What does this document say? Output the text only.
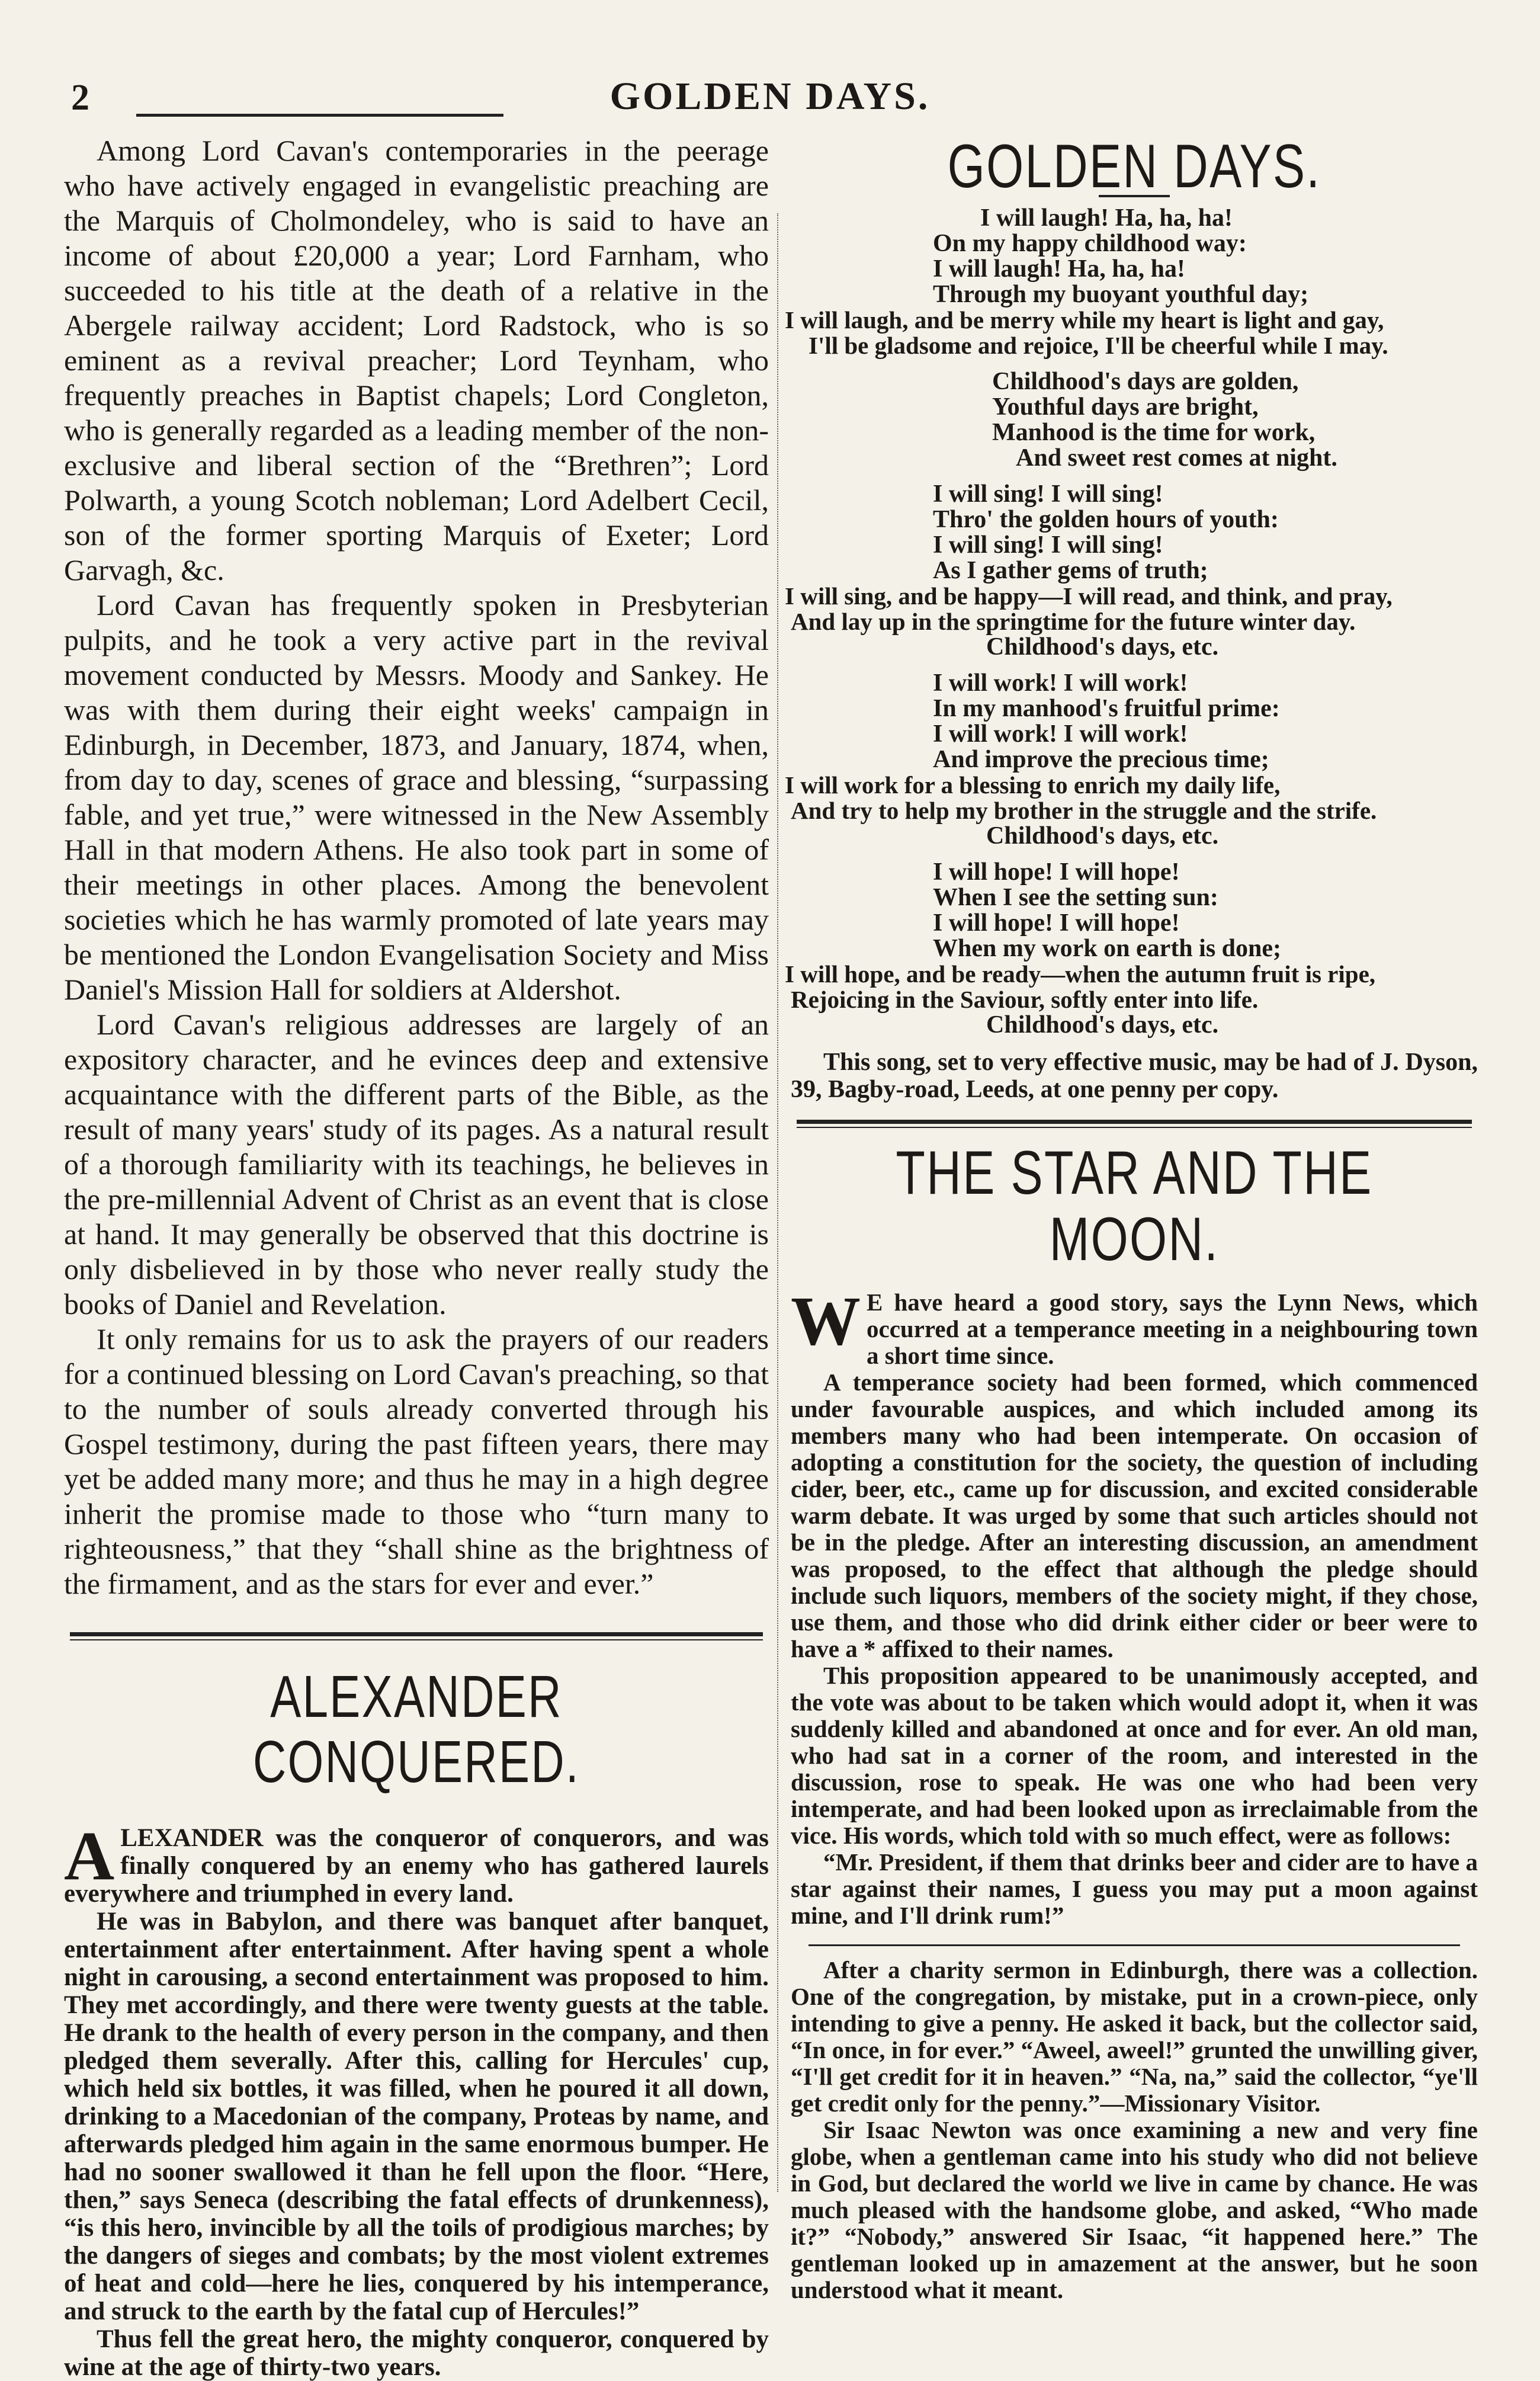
2	GOLDEN DAYS.

Among Lord Cavan's contemporaries in the peerage who have actively engaged in evangelistic preaching are the Marquis of Cholmondeley, who is said to have an income of about £20,000 a year; Lord Farnham, who succeeded to his title at the death of a relative in the Abergele railway accident; Lord Radstock, who is so eminent as a revival preacher; Lord Teynham, who frequently preaches in Baptist chapels; Lord Congleton, who is generally regarded as a leading member of the non-exclusive and liberal section of the “Brethren”; Lord Polwarth, a young Scotch nobleman; Lord Adelbert Cecil, son of the former sporting Marquis of Exeter; Lord Garvagh, &c.

Lord Cavan has frequently spoken in Presbyterian pulpits, and he took a very active part in the revival movement conducted by Messrs. Moody and Sankey. He was with them during their eight weeks' campaign in Edinburgh, in December, 1873, and January, 1874, when, from day to day, scenes of grace and blessing, “surpassing fable, and yet true,” were witnessed in the New Assembly Hall in that modern Athens. He also took part in some of their meetings in other places. Among the benevolent societies which he has warmly promoted of late years may be mentioned the London Evangelisation Society and Miss Daniel's Mission Hall for soldiers at Aldershot.

Lord Cavan's religious addresses are largely of an expository character, and he evinces deep and extensive acquaintance with the different parts of the Bible, as the result of many years' study of its pages. As a natural result of a thorough familiarity with its teachings, he believes in the pre-millennial Advent of Christ as an event that is close at hand. It may generally be observed that this doctrine is only disbelieved in by those who never really study the books of Daniel and Revelation.

It only remains for us to ask the prayers of our readers for a continued blessing on Lord Cavan's preaching, so that to the number of souls already converted through his Gospel testimony, during the past fifteen years, there may yet be added many more; and thus he may in a high degree inherit the promise made to those who “turn many to righteousness,” that they “shall shine as the brightness of the firmament, and as the stars for ever and ever.”

ALEXANDER CONQUERED.

ALEXANDER was the conqueror of conquerors, and was finally conquered by an enemy who has gathered laurels everywhere and triumphed in every land.

He was in Babylon, and there was banquet after banquet, entertainment after entertainment. After having spent a whole night in carousing, a second entertainment was proposed to him. They met accordingly, and there were twenty guests at the table. He drank to the health of every person in the company, and then pledged them severally. After this, calling for Hercules' cup, which held six bottles, it was filled, when he poured it all down, drinking to a Macedonian of the company, Proteas by name, and afterwards pledged him again in the same enormous bumper. He had no sooner swallowed it than he fell upon the floor. “Here, then,” says Seneca (describing the fatal effects of drunkenness), “is this hero, invincible by all the toils of prodigious marches; by the dangers of sieges and combats; by the most violent extremes of heat and cold—here he lies, conquered by his intemperance, and struck to the earth by the fatal cup of Hercules!”

Thus fell the great hero, the mighty conqueror, conquered by wine at the age of thirty-two years.

GOLDEN DAYS.
I will laugh! Ha, ha, ha!
On my happy childhood way:
I will laugh! Ha, ha, ha!
Through my buoyant youthful day;
I will laugh, and be merry while my heart is light and gay,
I'll be gladsome and rejoice, I'll be cheerful while I may.
Childhood's days are golden,
Youthful days are bright,
Manhood is the time for work,
And sweet rest comes at night.
I will sing! I will sing!
Thro' the golden hours of youth:
I will sing! I will sing!
As I gather gems of truth;
I will sing, and be happy—I will read, and think, and pray,
And lay up in the springtime for the future winter day.
Childhood's days, etc.
I will work! I will work!
In my manhood's fruitful prime:
I will work! I will work!
And improve the precious time;
I will work for a blessing to enrich my daily life,
And try to help my brother in the struggle and the strife.
Childhood's days, etc.
I will hope! I will hope!
When I see the setting sun:
I will hope! I will hope!
When my work on earth is done;
I will hope, and be ready—when the autumn fruit is ripe,
Rejoicing in the Saviour, softly enter into life.
Childhood's days, etc.

This song, set to very effective music, may be had of J. Dyson, 39, Bagby-road, Leeds, at one penny per copy.

THE STAR AND THE MOON.

W E have heard a good story, says the Lynn News, which occurred at a temperance meeting in a neighbouring town a short time since.

A temperance society had been formed, which commenced under favourable auspices, and which included among its members many who had been intemperate. On occasion of adopting a constitution for the society, the question of including cider, beer, etc., came up for discussion, and excited considerable warm debate. It was urged by some that such articles should not be in the pledge. After an interesting discussion, an amendment was proposed, to the effect that although the pledge should include such liquors, members of the society might, if they chose, use them, and those who did drink either cider or beer were to have a * affixed to their names.

This proposition appeared to be unanimously accepted, and the vote was about to be taken which would adopt it, when it was suddenly killed and abandoned at once and for ever. An old man, who had sat in a corner of the room, and interested in the discussion, rose to speak. He was one who had been very intemperate, and had been looked upon as irreclaimable from the vice. His words, which told with so much effect, were as follows:

“Mr. President, if them that drinks beer and cider are to have a star against their names, I guess you may put a moon against mine, and I'll drink rum!”

After a charity sermon in Edinburgh, there was a collection. One of the congregation, by mistake, put in a crown-piece, only intending to give a penny. He asked it back, but the collector said, “In once, in for ever.” “Aweel, aweel!” grunted the unwilling giver, “I'll get credit for it in heaven.” “Na, na,” said the collector, “ye'll get credit only for the penny.”—Missionary Visitor.

Sir Isaac Newton was once examining a new and very fine globe, when a gentleman came into his study who did not believe in God, but declared the world we live in came by chance. He was much pleased with the handsome globe, and asked, “Who made it?” “Nobody,” answered Sir Isaac, “it happened here.” The gentleman looked up in amazement at the answer, but he soon understood what it meant.
